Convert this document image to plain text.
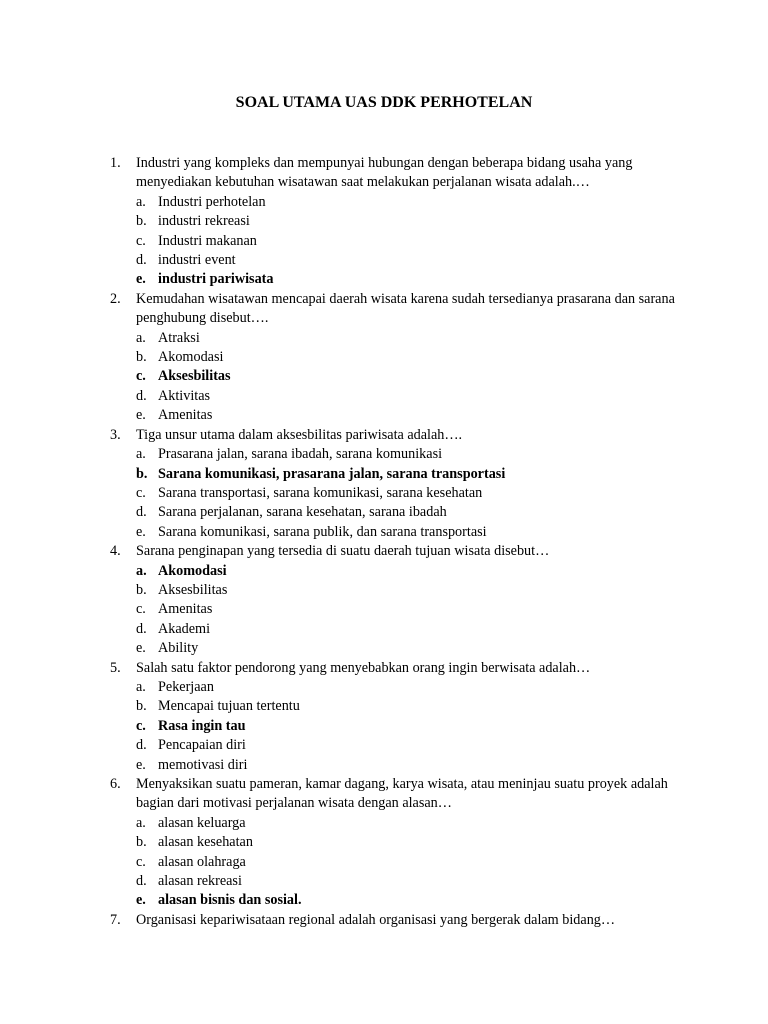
SOAL UTAMA UAS DDK PERHOTELAN
1.	Industri yang kompleks dan mempunyai hubungan dengan beberapa bidang usaha yang menyediakan kebutuhan wisatawan saat melakukan perjalanan wisata adalah.…
a. Industri perhotelan
b. industri rekreasi
c. Industri makanan
d. industri event
e. industri pariwisata
2.	Kemudahan wisatawan mencapai daerah wisata karena sudah tersedianya prasarana dan sarana penghubung disebut….
a. Atraksi
b. Akomodasi
c. Aksesbilitas
d. Aktivitas
e. Amenitas
3.	Tiga unsur utama dalam aksesbilitas pariwisata adalah….
a. Prasarana jalan, sarana ibadah, sarana komunikasi
b. Sarana komunikasi, prasarana jalan, sarana transportasi
c. Sarana transportasi, sarana komunikasi, sarana kesehatan
d. Sarana perjalanan, sarana kesehatan, sarana ibadah
e. Sarana komunikasi, sarana publik, dan sarana transportasi
4.	Sarana penginapan yang tersedia di suatu daerah tujuan wisata disebut…
a. Akomodasi
b. Aksesbilitas
c. Amenitas
d. Akademi
e. Ability
5.	Salah satu faktor pendorong yang menyebabkan orang ingin berwisata adalah…
a. Pekerjaan
b. Mencapai tujuan tertentu
c. Rasa ingin tau
d. Pencapaian diri
e. memotivasi diri
6.	Menyaksikan suatu pameran, kamar dagang, karya wisata, atau meninjau suatu proyek adalah bagian dari motivasi perjalanan wisata dengan alasan…
a. alasan keluarga
b. alasan kesehatan
c. alasan olahraga
d. alasan rekreasi
e. alasan bisnis dan sosial.
7.	Organisasi kepariwisataan regional adalah organisasi yang bergerak dalam bidang…
